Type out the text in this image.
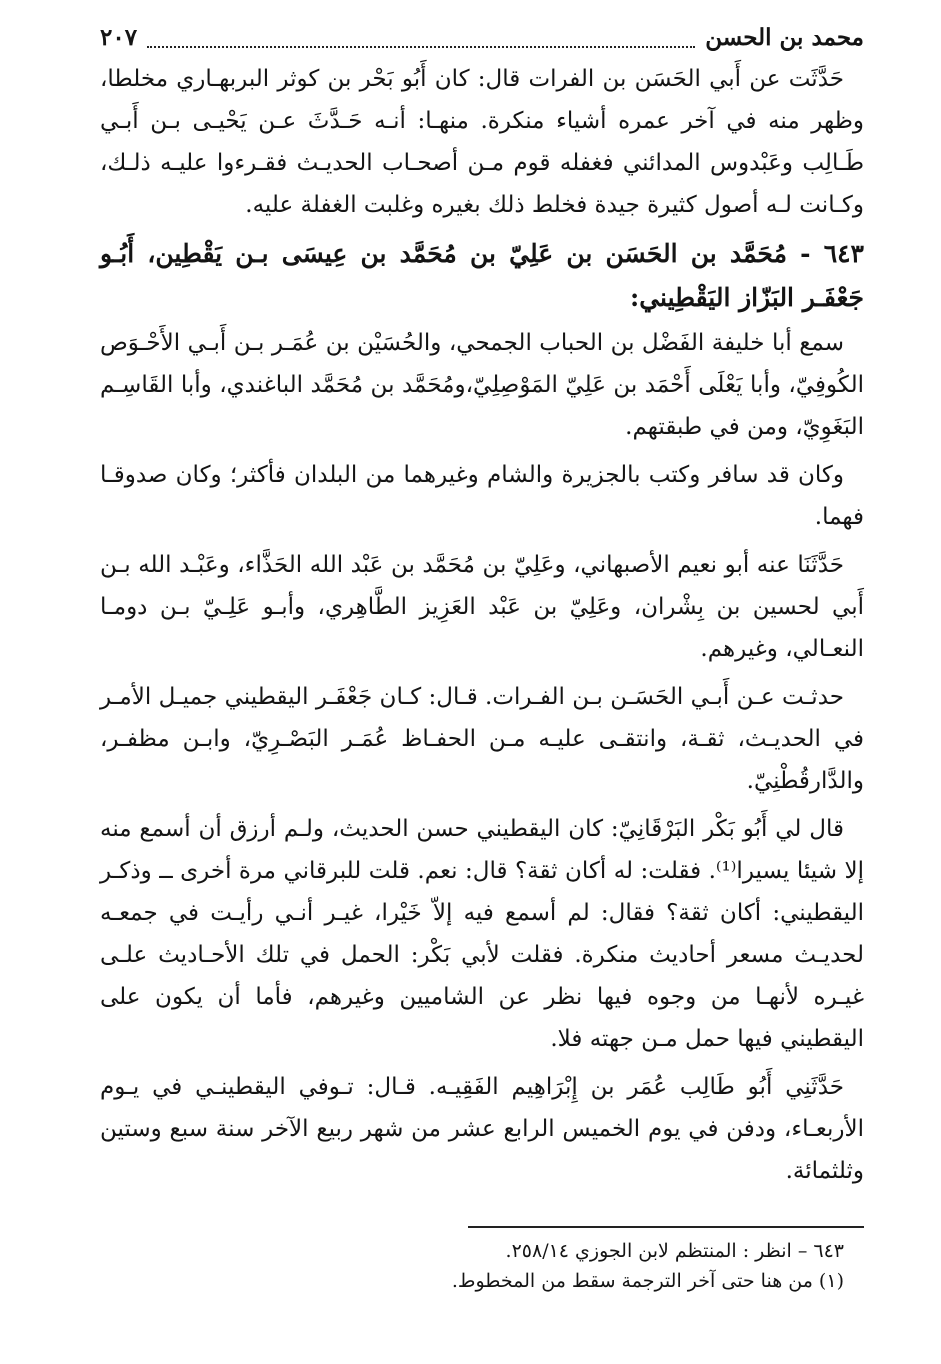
محمد بن الحسن
٢٠٧

حَدَّثَت عن أَبي الحَسَن بن الفرات قال: كان أَبُو بَحْر بن كوثر البربهـاري مخلطا، وظهر منه في آخر عمره أشياء منكرة. منهـا: أنـه حَـدَّثَ عـن يَحْيـى بـن أَبـي طَـالِب وعَبْدوس المدائني فغفله قوم مـن أصحـاب الحديـث فقـرءوا عليـه ذلـك، وكـانت لـه أصول كثيرة جيدة فخلط ذلك بغيره وغلبت الغفلة عليه.

٦٤٣ - مُحَمَّد بن الحَسَن بن عَلِيّ بن مُحَمَّد بن عِيسَى بـن يَقْطِين، أَبُـو جَعْفَـر البَزّاز اليَقْطِيني:

سمع أبا خليفة الفَضْل بن الحباب الجمحي، والحُسَيْن بن عُمَـر بـن أَبـي الأَحْـوَص الكُوفِيّ، وأبا يَعْلَى أَحْمَد بن عَلِيّ المَوْصِلِيّ،ومُحَمَّد بن مُحَمَّد الباغندي، وأبا القَاسِـم البَغَوِيّ، ومن في طبقتهم.

وكان قد سافر وكتب بالجزيرة والشام وغيرهما من البلدان فأكثر؛ وكان صدوقـا فهما.

حَدَّثَنَا عنه أبو نعيم الأصبهاني، وعَلِيّ بن مُحَمَّد بن عَبْد الله الحَذَّاء، وعَبْـد الله بـن أَبي لحسين بن بِشْران، وعَلِيّ بن عَبْد العَزِيز الطَّاهِري، وأبـو عَلِـيّ بـن دومـا النعـالي، وغيرهم.

حدثـت عـن أَبـي الحَسَـن بـن الفـرات. قـال: كـان جَعْفَـر اليقطيني جميـل الأمـر في الحديـث، ثقـة، وانتقـى عليـه مـن الحفـاظ عُمَـر البَصْـرِيّ، وابـن مظفـر، والدَّارقُطْنِيّ.

قال لي أَبُو بَكْر البَرْقَانِيّ: كان اليقطيني حسن الحديث، ولـم أرزق أن أسمع منه إلا شيئا يسيرا⁽¹⁾. فقلت: له أكان ثقة؟ قال: نعم. قلت للبرقاني مرة أخرى ــ وذكـر اليقطيني: أكان ثقة؟ فقال: لم أسمع فيه إلاّ خَيْرا، غيـر أنـي رأيـت في جمعـه لحديـث مسعر أحاديث منكرة. فقلت لأبي بَكْر: الحمل في تلك الأحـاديث علـى غيـره لأنهـا من وجوه فيها نظر عن الشاميين وغيرهم، فأما أن يكون على اليقطيني فيها حمل مـن جهته فلا.

حَدَّثَنِي أَبُو طَالِب عُمَر بن إِبْرَاهِيم الفَقِيـه. قـال: تـوفي اليقطينـي في يـوم الأربعـاء، ودفن في يوم الخميس الرابع عشر من شهر ربيع الآخر سنة سبع وستين وثلثمائة.

٦٤٣ – انظر : المنتظم لابن الجوزي ٢٥٨/١٤.

(١) من هنا حتى آخر الترجمة سقط من المخطوط.
